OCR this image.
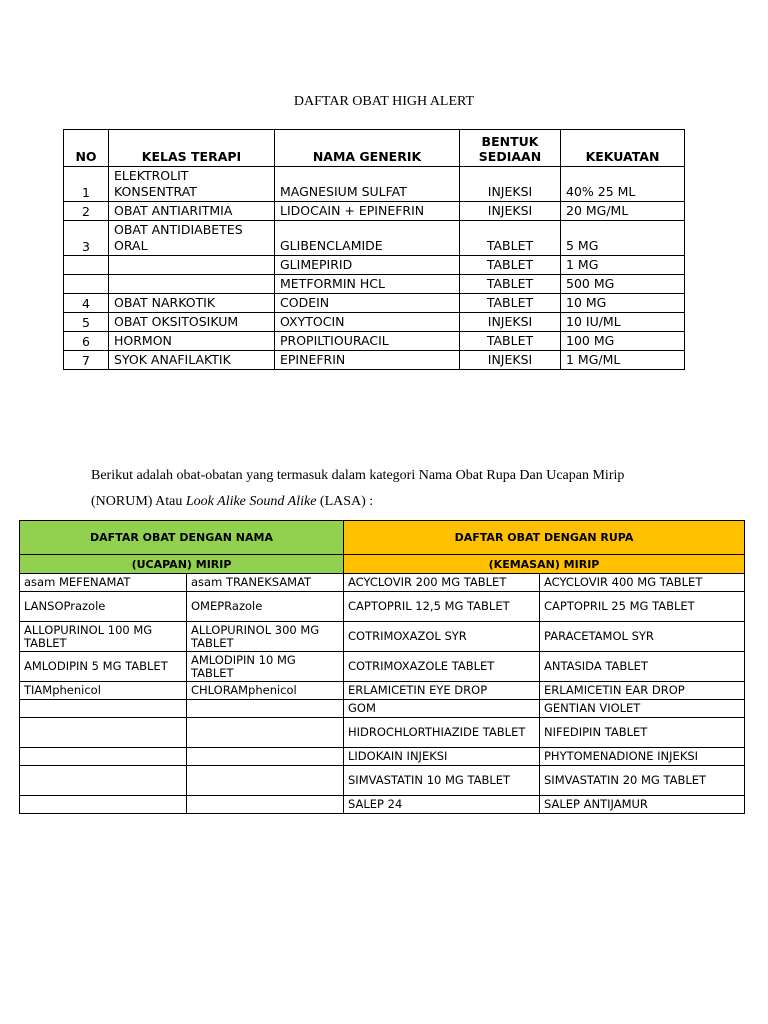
DAFTAR OBAT HIGH ALERT
NO	KELAS TERAPI	NAMA GENERIK	BENTUK SEDIAAN	KEKUATAN
1	ELEKTROLIT KONSENTRAT	MAGNESIUM SULFAT	INJEKSI	40% 25 ML
2	OBAT ANTIARITMIA	LIDOCAIN + EPINEFRIN	INJEKSI	20 MG/ML
3	OBAT ANTIDIABETES ORAL	GLIBENCLAMIDE	TABLET	5 MG
		GLIMEPIRID	TABLET	1 MG
		METFORMIN HCL	TABLET	500 MG
4	OBAT NARKOTIK	CODEIN	TABLET	10 MG
5	OBAT OKSITOSIKUM	OXYTOCIN	INJEKSI	10 IU/ML
6	HORMON	PROPILTIOURACIL	TABLET	100 MG
7	SYOK ANAFILAKTIK	EPINEFRIN	INJEKSI	1 MG/ML
Berikut adalah obat-obatan yang termasuk dalam kategori Nama Obat Rupa Dan Ucapan Mirip
(NORUM) Atau Look Alike Sound Alike (LASA) :
DAFTAR OBAT DENGAN NAMA		DAFTAR OBAT DENGAN RUPA	
(UCAPAN) MIRIP		(KEMASAN) MIRIP	
asam MEFENAMAT	asam TRANEKSAMAT	ACYCLOVIR 200 MG TABLET	ACYCLOVIR 400 MG TABLET
LANSOPrazole	OMEPRazole	CAPTOPRIL 12,5 MG TABLET	CAPTOPRIL 25 MG TABLET
ALLOPURINOL 100 MG TABLET	ALLOPURINOL 300 MG TABLET	COTRIMOXAZOL SYR	PARACETAMOL SYR
AMLODIPIN 5 MG TABLET	AMLODIPIN 10 MG TABLET	COTRIMOXAZOLE TABLET	ANTASIDA TABLET
TIAMphenicol	CHLORAMphenicol	ERLAMICETIN EYE DROP	ERLAMICETIN EAR DROP
		GOM	GENTIAN VIOLET
		HIDROCHLORTHIAZIDE TABLET	NIFEDIPIN TABLET
		LIDOKAIN INJEKSI	PHYTOMENADIONE INJEKSI
		SIMVASTATIN 10 MG TABLET	SIMVASTATIN 20 MG TABLET
		SALEP 24	SALEP ANTIJAMUR
